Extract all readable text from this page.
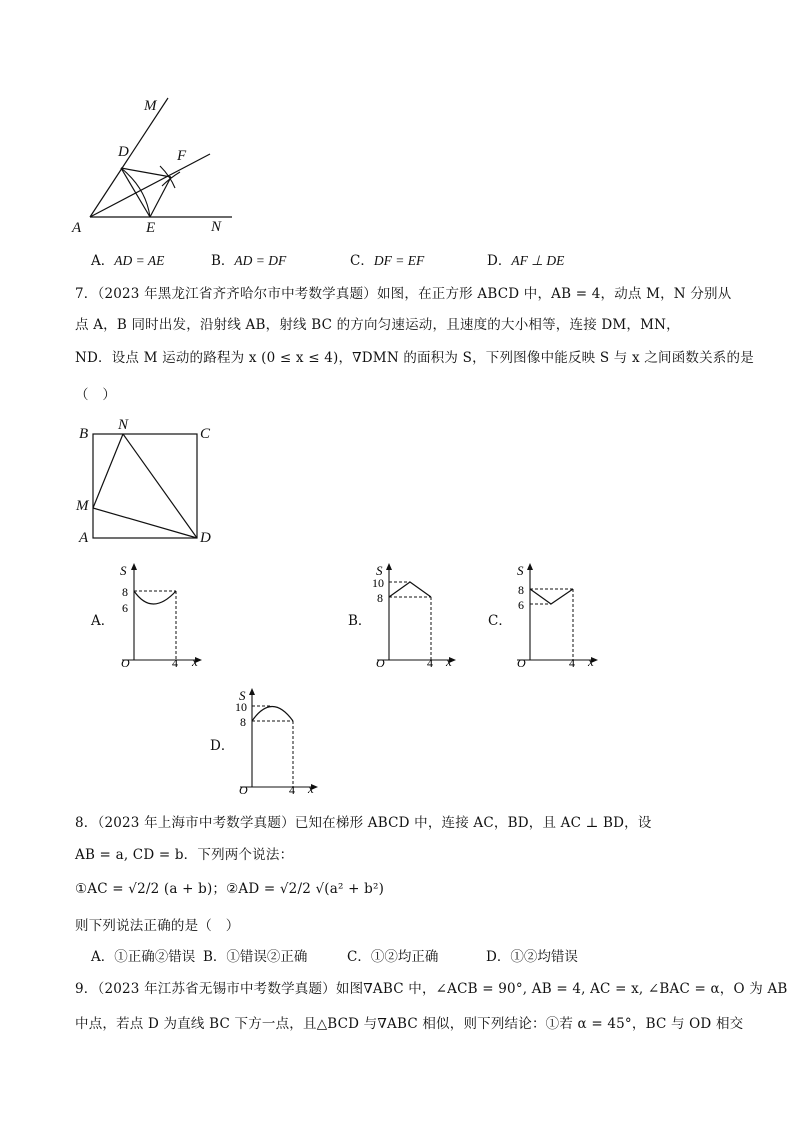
M
D	F
A	E	N
A．AD = AE	B．AD = DF	C．DF = EF	D．AF ⊥ DE
7．（2023 年黑龙江省齐齐哈尔市中考数学真题）如图，在正方形 ABCD 中，AB = 4，动点 M，N 分别从
点 A，B 同时出发，沿射线 AB，射线 BC 的方向匀速运动，且速度的大小相等，连接 DM，MN，
ND．设点 M 运动的路程为 x (0 ≤ x ≤ 4)，∇DMN 的面积为 S，下列图像中能反映 S 与 x 之间函数关系的是
（　）
B
N
C
M
A	D
A．
S
8
6
O	4 x
B．
S
10
8
O	4 x
C．
S
8
6
O	4 x
D．
S
10
8
O	4 x
8．（2023 年上海市中考数学真题）已知在梯形 ABCD 中，连接 AC，BD，且 AC ⊥ BD，设
AB = a, CD = b．下列两个说法：
①AC = √2/2 (a + b)；②AD = √2/2 √(a² + b²)
则下列说法正确的是（　）
A．①正确②错误 B．①错误②正确	C．①②均正确	D．①②均错误
9．（2023 年江苏省无锡市中考数学真题）如图∇ABC 中，∠ACB = 90°, AB = 4, AC = x, ∠BAC = α，O 为 AB
中点，若点 D 为直线 BC 下方一点，且△BCD 与∇ABC 相似，则下列结论：①若 α = 45°，BC 与 OD 相交
